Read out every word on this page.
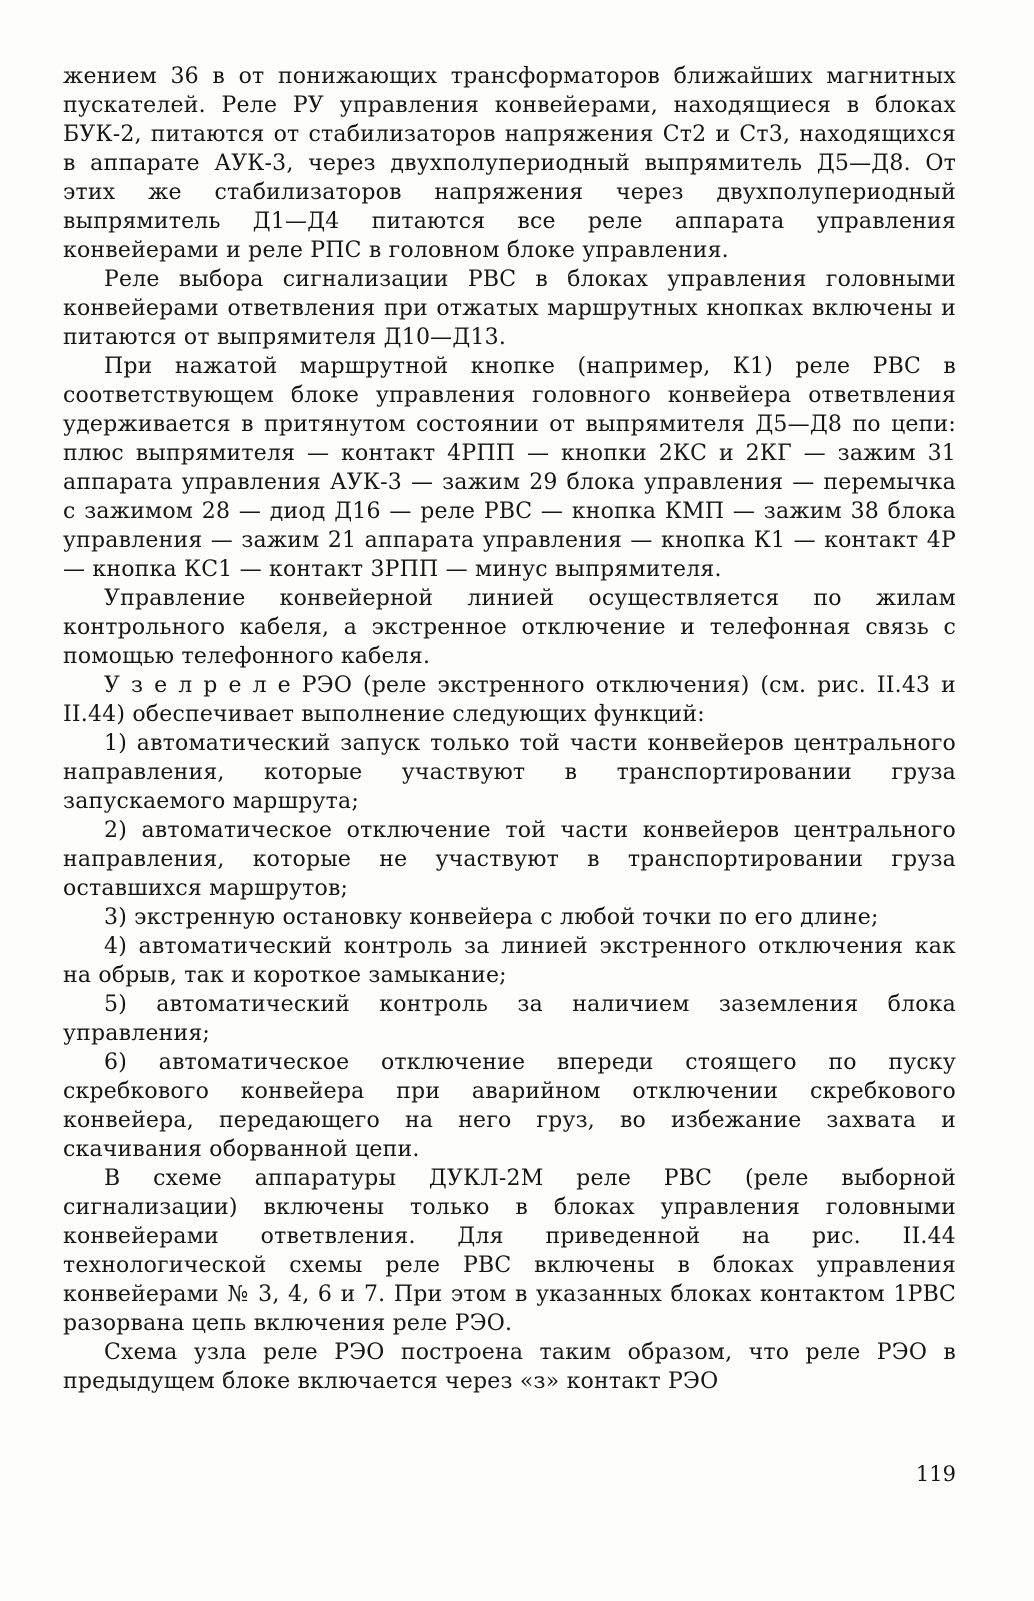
жением 36 в от понижающих трансформаторов ближайших магнитных пускателей. Реле РУ управления конвейерами, находящиеся в блоках БУК-2, питаются от стабилизаторов напряжения Ст2 и Ст3, находящихся в аппарате АУК-3, через двухполупериодный выпрямитель Д5—Д8. От этих же стабилизаторов напряжения через двухполупериодный выпрямитель Д1—Д4 питаются все реле аппарата управления конвейерами и реле РПС в головном блоке управления.

Реле выбора сигнализации РВС в блоках управления головными конвейерами ответвления при отжатых маршрутных кнопках включены и питаются от выпрямителя Д10—Д13.

При нажатой маршрутной кнопке (например, К1) реле РВС в соответствующем блоке управления головного конвейера ответвления удерживается в притянутом состоянии от выпрямителя Д5—Д8 по цепи: плюс выпрямителя — контакт 4РПП — кнопки 2КС и 2КГ — зажим 31 аппарата управления АУК-3 — зажим 29 блока управления — перемычка с зажимом 28 — диод Д16 — реле РВС — кнопка КМП — зажим 38 блока управления — зажим 21 аппарата управления — кнопка К1 — контакт 4Р — кнопка КС1 — контакт 3РПП — минус выпрямителя.

Управление конвейерной линией осуществляется по жилам контрольного кабеля, а экстренное отключение и телефонная связь с помощью телефонного кабеля.

У з е л р е л е РЭО (реле экстренного отключения) (см. рис. II.43 и II.44) обеспечивает выполнение следующих функций:

1) автоматический запуск только той части конвейеров центрального направления, которые участвуют в транспортировании груза запускаемого маршрута;

2) автоматическое отключение той части конвейеров центрального направления, которые не участвуют в транспортировании груза оставшихся маршрутов;

3) экстренную остановку конвейера с любой точки по его длине;

4) автоматический контроль за линией экстренного отключения как на обрыв, так и короткое замыкание;

5) автоматический контроль за наличием заземления блока управления;

6) автоматическое отключение впереди стоящего по пуску скребкового конвейера при аварийном отключении скребкового конвейера, передающего на него груз, во избежание захвата и скачивания оборванной цепи.

В схеме аппаратуры ДУКЛ-2М реле РВС (реле выборной сигнализации) включены только в блоках управления головными конвейерами ответвления. Для приведенной на рис. II.44 технологической схемы реле РВС включены в блоках управления конвейерами № 3, 4, 6 и 7. При этом в указанных блоках контактом 1РВС разорвана цепь включения реле РЭО.

Схема узла реле РЭО построена таким образом, что реле РЭО в предыдущем блоке включается через «з» контакт РЭО

119
